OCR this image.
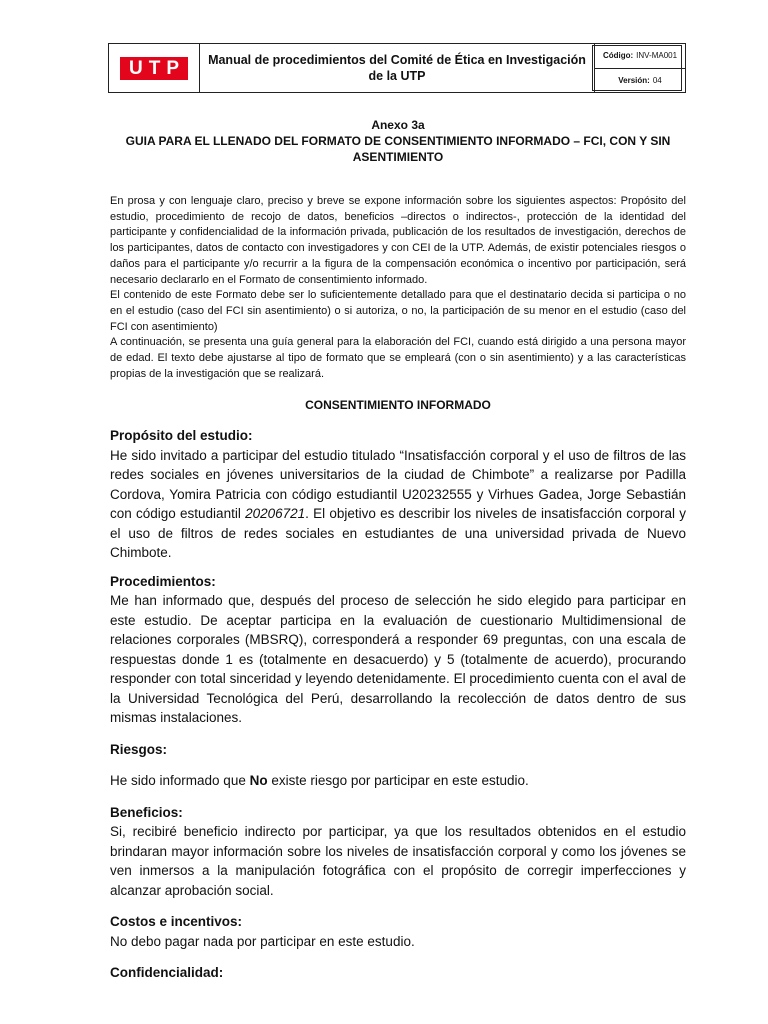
U T P	Manual de procedimientos del Comité de Ética en Investigación de la UTP
Código: INV-MA001
Versión: 04
Anexo 3a
GUIA PARA EL LLENADO DEL FORMATO DE CONSENTIMIENTO INFORMADO – FCI, CON Y SIN ASENTIMIENTO

En prosa y con lenguaje claro, preciso y breve se expone información sobre los siguientes aspectos: Propósito del estudio, procedimiento de recojo de datos, beneficios –directos o indirectos-, protección de la identidad del participante y confidencialidad de la información privada, publicación de los resultados de investigación, derechos de los participantes, datos de contacto con investigadores y con CEI de la UTP. Además, de existir potenciales riesgos o daños para el participante y/o recurrir a la figura de la compensación económica o incentivo por participación, será necesario declararlo en el Formato de consentimiento informado.

El contenido de este Formato debe ser lo suficientemente detallado para que el destinatario decida si participa o no en el estudio (caso del FCI sin asentimiento) o si autoriza, o no, la participación de su menor en el estudio (caso del FCI con asentimiento)

A continuación, se presenta una guía general para la elaboración del FCI, cuando está dirigido a una persona mayor de edad. El texto debe ajustarse al tipo de formato que se empleará (con o sin asentimiento) y a las características propias de la investigación que se realizará.

CONSENTIMIENTO INFORMADO
Propósito del estudio:

He sido invitado a participar del estudio titulado “Insatisfacción corporal y el uso de filtros de las redes sociales en jóvenes universitarios de la ciudad de Chimbote” a realizarse por Padilla Cordova, Yomira Patricia con código estudiantil U20232555 y Virhues Gadea, Jorge Sebastián con código estudiantil 20206721. El objetivo es describir los niveles de insatisfacción corporal y el uso de filtros de redes sociales en estudiantes de una universidad privada de Nuevo Chimbote.

Procedimientos:

Me han informado que, después del proceso de selección he sido elegido para participar en este estudio. De aceptar participa en la evaluación de cuestionario Multidimensional de relaciones corporales (MBSRQ), corresponderá a responder 69 preguntas, con una escala de respuestas donde 1 es (totalmente en desacuerdo) y 5 (totalmente de acuerdo), procurando responder con total sinceridad y leyendo detenidamente. El procedimiento cuenta con el aval de la Universidad Tecnológica del Perú, desarrollando la recolección de datos dentro de sus mismas instalaciones.

Riesgos:

He sido informado que No existe riesgo por participar en este estudio.

Beneficios:

Si, recibiré beneficio indirecto por participar, ya que los resultados obtenidos en el estudio brindaran mayor información sobre los niveles de insatisfacción corporal y como los jóvenes se ven inmersos a la manipulación fotográfica con el propósito de corregir imperfecciones y alcanzar aprobación social.

Costos e incentivos:

No debo pagar nada por participar en este estudio.

Confidencialidad:
